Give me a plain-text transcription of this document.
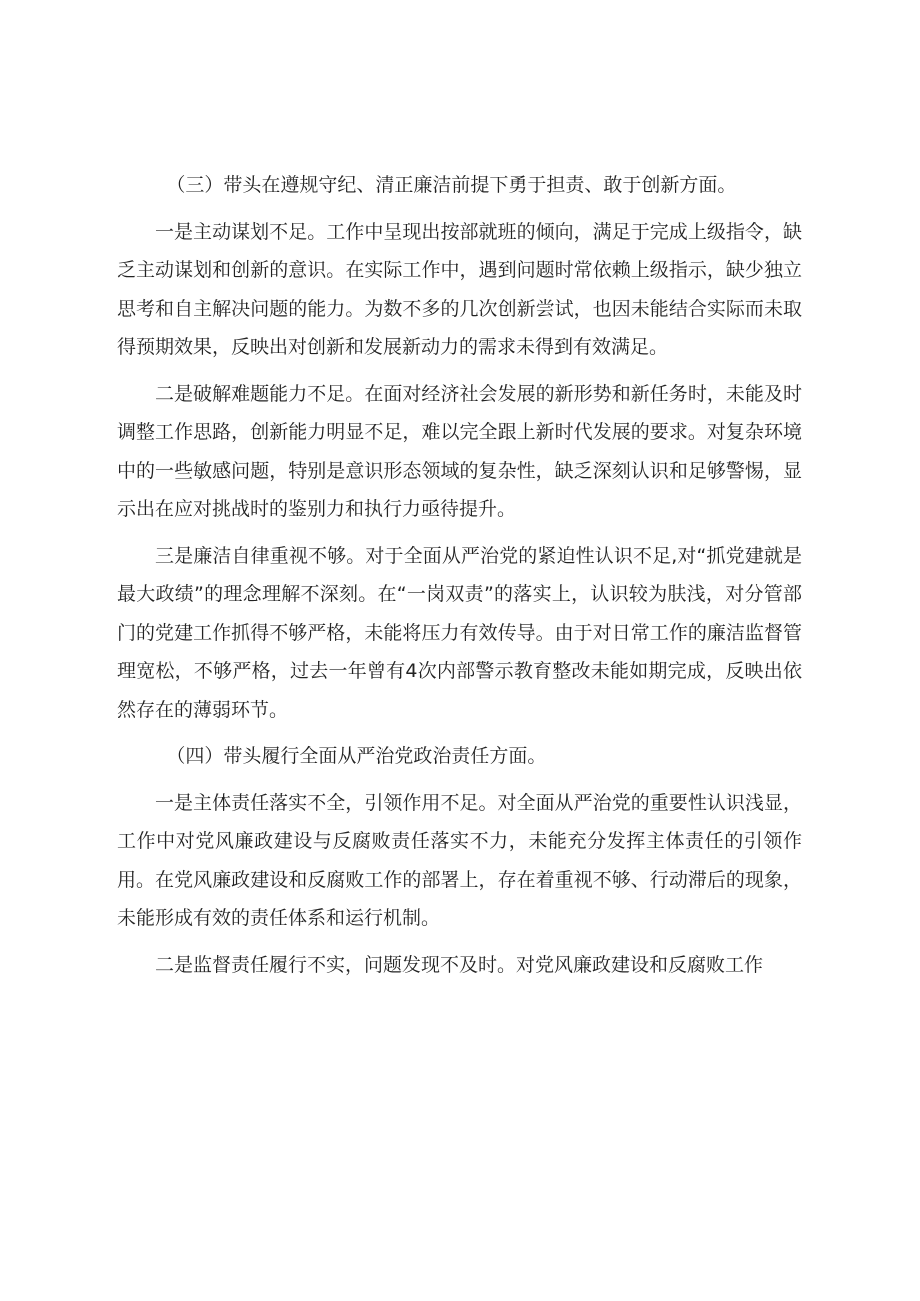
（三）带头在遵规守纪、清正廉洁前提下勇于担责、敢于创新方面。

一是主动谋划不足。工作中呈现出按部就班的倾向，满足于完成上级指令，缺乏主动谋划和创新的意识。在实际工作中，遇到问题时常依赖上级指示，缺少独立思考和自主解决问题的能力。为数不多的几次创新尝试，也因未能结合实际而未取得预期效果，反映出对创新和发展新动力的需求未得到有效满足。

二是破解难题能力不足。在面对经济社会发展的新形势和新任务时，未能及时调整工作思路，创新能力明显不足，难以完全跟上新时代发展的要求。对复杂环境中的一些敏感问题，特别是意识形态领域的复杂性，缺乏深刻认识和足够警惕，显示出在应对挑战时的鉴别力和执行力亟待提升。

三是廉洁自律重视不够。对于全面从严治党的紧迫性认识不足,对“抓党建就是最大政绩”的理念理解不深刻。在“一岗双责”的落实上，认识较为肤浅，对分管部门的党建工作抓得不够严格，未能将压力有效传导。由于对日常工作的廉洁监督管理宽松，不够严格，过去一年曾有4次内部警示教育整改未能如期完成，反映出依然存在的薄弱环节。

（四）带头履行全面从严治党政治责任方面。

一是主体责任落实不全，引领作用不足。对全面从严治党的重要性认识浅显，工作中对党风廉政建设与反腐败责任落实不力，未能充分发挥主体责任的引领作用。在党风廉政建设和反腐败工作的部署上，存在着重视不够、行动滞后的现象，未能形成有效的责任体系和运行机制。

二是监督责任履行不实，问题发现不及时。对党风廉政建设和反腐败工作
